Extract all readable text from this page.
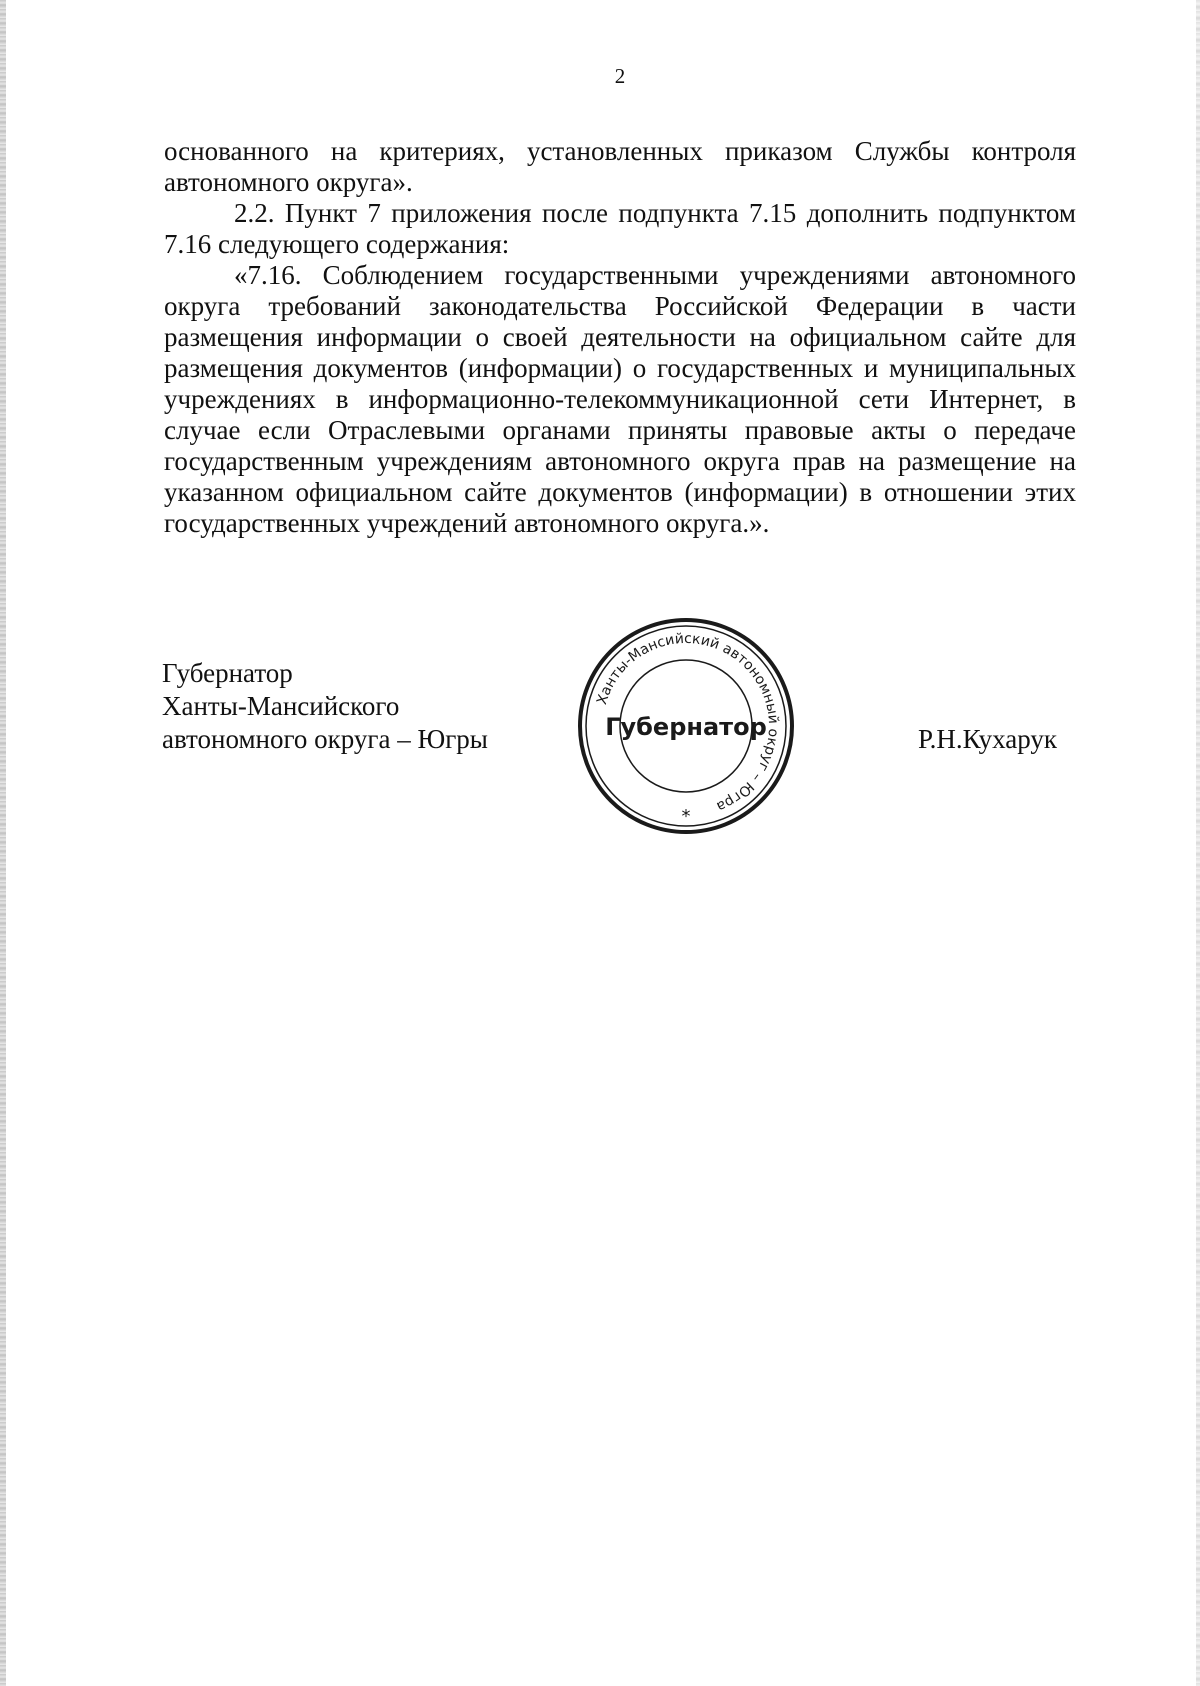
2

основанного на критериях, установленных приказом Службы контроля автономного округа».

2.2. Пункт 7 приложения после подпункта 7.15 дополнить подпунктом 7.16 следующего содержания:

«7.16. Соблюдением государственными учреждениями автономного округа требований законодательства Российской Федерации в части размещения информации о своей деятельности на официальном сайте для размещения документов (информации) о государственных и муниципальных учреждениях в информационно-телекоммуникационной сети Интернет, в случае если Отраслевыми органами приняты правовые акты о передаче государственным учреждениям автономного округа прав на размещение на указанном официальном сайте документов (информации) в отношении этих государственных учреждений автономного округа.».

Губернатор
Ханты-Мансийского
автономного округа – Югры
Ханты-Мансийский автономный округ – Югра
Губернатор
*
Р.Н.Кухарук
